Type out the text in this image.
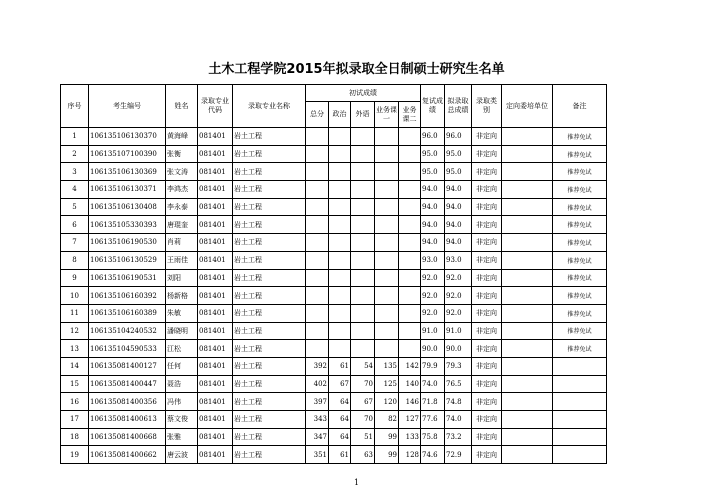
土木工程学院2015年拟录取全日制硕士研究生名单
序号	考生编号	姓名	录取专业代码	录取专业名称	初试成绩					复试成绩	拟录取总成绩	录取类别	定向委培单位	备注
					总分	政治	外语	业务课一	业务课二					
1	106135106130370	黄海峰	081401	岩土工程						96.0	96.0	非定向		推荐免试
2	106135107100390	张衡	081401	岩土工程						95.0	95.0	非定向		推荐免试
3	106135106130369	张文涛	081401	岩土工程						95.0	95.0	非定向		推荐免试
4	106135106130371	李鸿杰	081401	岩土工程						94.0	94.0	非定向		推荐免试
5	106135106130408	李永泰	081401	岩土工程						94.0	94.0	非定向		推荐免试
6	106135105330393	唐琨奎	081401	岩土工程						94.0	94.0	非定向		推荐免试
7	106135106190530	肖莉	081401	岩土工程						94.0	94.0	非定向		推荐免试
8	106135106130529	王雨佳	081401	岩土工程						93.0	93.0	非定向		推荐免试
9	106135106190531	刘阳	081401	岩土工程						92.0	92.0	非定向		推荐免试
10	106135106160392	杨新格	081401	岩土工程						92.0	92.0	非定向		推荐免试
11	106135106160389	朱敏	081401	岩土工程						92.0	92.0	非定向		推荐免试
12	106135104240532	潘晓明	081401	岩土工程						91.0	91.0	非定向		推荐免试
13	106135104590533	江松	081401	岩土工程						90.0	90.0	非定向		推荐免试
14	106135081400127	任何	081401	岩土工程	392	61	54	135	142	79.9	79.3	非定向		
15	106135081400447	聂浩	081401	岩土工程	402	67	70	125	140	74.0	76.5	非定向		
16	106135081400356	冯伟	081401	岩土工程	397	64	67	120	146	71.8	74.8	非定向		
17	106135081400613	蔡文俊	081401	岩土工程	343	64	70	82	127	77.6	74.0	非定向		
18	106135081400668	张雅	081401	岩土工程	347	64	51	99	133	75.8	73.2	非定向		
19	106135081400662	唐云波	081401	岩土工程	351	61	63	99	128	74.6	72.9	非定向		
1
